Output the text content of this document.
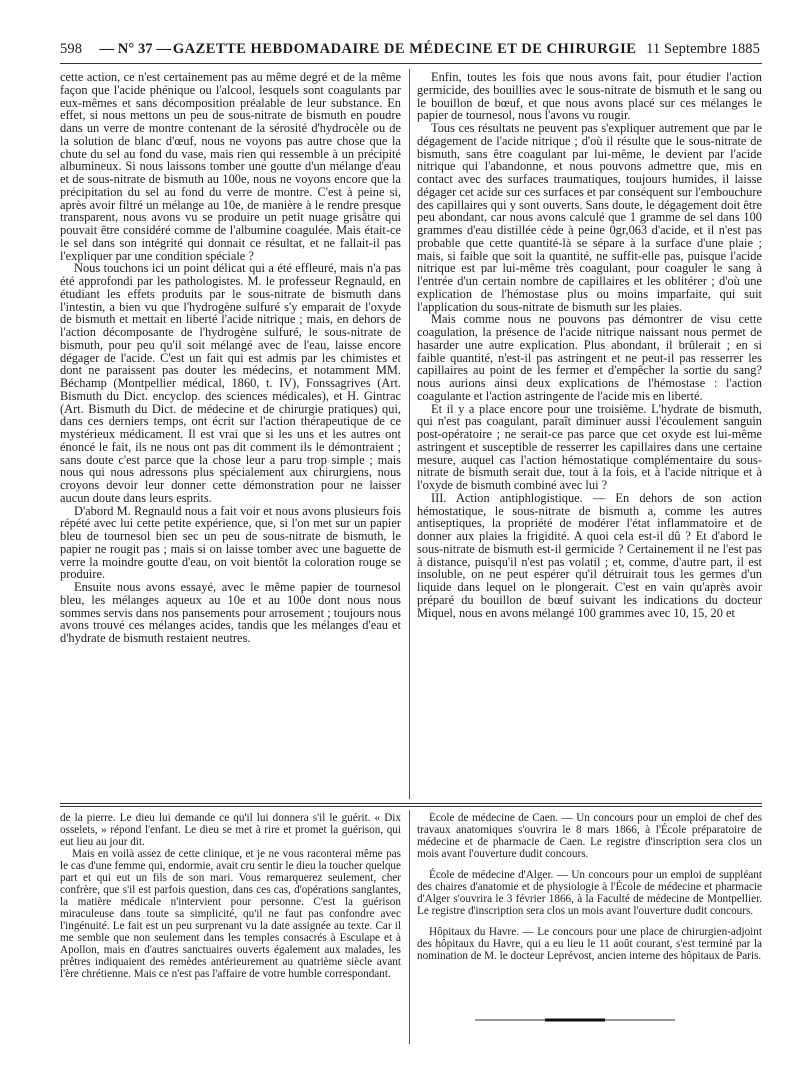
598	— N° 37 — GAZETTE HEBDOMADAIRE DE MÉDECINE ET DE CHIRURGIE 11 Septembre 1885

cette action, ce n'est certainement pas au même degré et de la même façon que l'acide phénique ou l'alcool, lesquels sont coagulants par eux-mêmes et sans décomposition préalable de leur substance. En effet, si nous mettons un peu de sous-nitrate de bismuth en poudre dans un verre de montre contenant de la sérosité d'hydrocèle ou de la solution de blanc d'œuf, nous ne voyons pas autre chose que la chute du sel au fond du vase, mais rien qui ressemble à un précipité albumineux. Si nous laissons tomber une goutte d'un mélange d'eau et de sous-nitrate de bismuth au 100e, nous ne voyons encore que la précipitation du sel au fond du verre de montre. C'est à peine si, après avoir filtré un mélange au 10e, de manière à le rendre presque transparent, nous avons vu se produire un petit nuage grisâtre qui pouvait être considéré comme de l'albumine coagulée. Mais était-ce le sel dans son intégrité qui donnait ce résultat, et ne fallait-il pas l'expliquer par une condition spéciale ?

Nous touchons ici un point délicat qui a été effleuré, mais n'a pas été approfondi par les pathologistes. M. le professeur Regnauld, en étudiant les effets produits par le sous-nitrate de bismuth dans l'intestin, a bien vu que l'hydrogène sulfuré s'y emparait de l'oxyde de bismuth et mettait en liberté l'acide nitrique ; mais, en dehors de l'action décomposante de l'hydrogène sulfuré, le sous-nitrate de bismuth, pour peu qu'il soit mélangé avec de l'eau, laisse encore dégager de l'acide. C'est un fait qui est admis par les chimistes et dont ne paraissent pas douter les médecins, et notamment MM. Béchamp (Montpellier médical, 1860, t. IV), Fonssagrives (Art. Bismuth du Dict. encyclop. des sciences médicales), et H. Gintrac (Art. Bismuth du Dict. de médecine et de chirurgie pratiques) qui, dans ces derniers temps, ont écrit sur l'action thérapeutique de ce mystérieux médicament. Il est vrai que si les uns et les autres ont énoncé le fait, ils ne nous ont pas dit comment ils le démontraient ; sans doute c'est parce que la chose leur a paru trop simple ; mais nous qui nous adressons plus spécialement aux chirurgiens, nous croyons devoir leur donner cette démonstration pour ne laisser aucun doute dans leurs esprits.

D'abord M. Regnauld nous a fait voir et nous avons plusieurs fois répété avec lui cette petite expérience, que, si l'on met sur un papier bleu de tournesol bien sec un peu de sous-nitrate de bismuth, le papier ne rougit pas ; mais si on laisse tomber avec une baguette de verre la moindre goutte d'eau, on voit bientôt la coloration rouge se produire.

Ensuite nous avons essayé, avec le même papier de tournesol bleu, les mélanges aqueux au 10e et au 100e dont nous nous sommes servis dans nos pansements pour arrosement ; toujours nous avons trouvé ces mélanges acides, tandis que les mélanges d'eau et d'hydrate de bismuth restaient neutres.

Enfin, toutes les fois que nous avons fait, pour étudier l'action germicide, des bouillies avec le sous-nitrate de bismuth et le sang ou le bouillon de bœuf, et que nous avons placé sur ces mélanges le papier de tournesol, nous l'avons vu rougir.

Tous ces résultats ne peuvent pas s'expliquer autrement que par le dégagement de l'acide nitrique ; d'où il résulte que le sous-nitrate de bismuth, sans être coagulant par lui-même, le devient par l'acide nitrique qui l'abandonne, et nous pouvons admettre que, mis en contact avec des surfaces traumatiques, toujours humides, il laisse dégager cet acide sur ces surfaces et par conséquent sur l'embouchure des capillaires qui y sont ouverts. Sans doute, le dégagement doit être peu abondant, car nous avons calculé que 1 gramme de sel dans 100 grammes d'eau distillée cède à peine 0gr,063 d'acide, et il n'est pas probable que cette quantité-là se sépare à la surface d'une plaie ; mais, si faible que soit la quantité, ne suffit-elle pas, puisque l'acide nitrique est par lui-même très coagulant, pour coaguler le sang à l'entrée d'un certain nombre de capillaires et les oblitérer ; d'où une explication de l'hémostase plus ou moins imparfaite, qui suit l'application du sous-nitrate de bismuth sur les plaies.

Mais comme nous ne pouvons pas démontrer de visu cette coagulation, la présence de l'acide nitrique naissant nous permet de hasarder une autre explication. Plus abondant, il brûlerait ; en si faible quantité, n'est-il pas astringent et ne peut-il pas resserrer les capillaires au point de les fermer et d'empêcher la sortie du sang? nous aurions ainsi deux explications de l'hémostase : l'action coagulante et l'action astringente de l'acide mis en liberté.

Et il y a place encore pour une troisième. L'hydrate de bismuth, qui n'est pas coagulant, paraît diminuer aussi l'écoulement sanguin post-opératoire ; ne serait-ce pas parce que cet oxyde est lui-même astringent et susceptible de resserrer les capillaires dans une certaine mesure, auquel cas l'action hémostatique complémentaire du sous-nitrate de bismuth serait due, tout à la fois, et à l'acide nitrique et à l'oxyde de bismuth combiné avec lui ?

III. Action antiphlogistique. — En dehors de son action hémostatique, le sous-nitrate de bismuth a, comme les autres antiseptiques, la propriété de modérer l'état inflammatoire et de donner aux plaies la frigidité. A quoi cela est-il dû ? Et d'abord le sous-nitrate de bismuth est-il germicide ? Certainement il ne l'est pas à distance, puisqu'il n'est pas volatil ; et, comme, d'autre part, il est insoluble, on ne peut espérer qu'il détruirait tous les germes d'un liquide dans lequel on le plongerait. C'est en vain qu'après avoir préparé du bouillon de bœuf suivant les indications du docteur Miquel, nous en avons mélangé 100 grammes avec 10, 15, 20 et

de la pierre. Le dieu lui demande ce qu'il lui donnera s'il le guérit. « Dix osselets, » répond l'enfant. Le dieu se met à rire et promet la guérison, qui eut lieu au jour dit.

Mais en voilà assez de cette clinique, et je ne vous raconterai même pas le cas d'une femme qui, endormie, avait cru sentir le dieu la toucher quelque part et qui eut un fils de son mari. Vous remarquerez seulement, cher confrère, que s'il est parfois question, dans ces cas, d'opérations sanglantes, la matière médicale n'intervient pour personne. C'est la guérison miraculeuse dans toute sa simplicité, qu'il ne faut pas confondre avec l'ingénuité. Le fait est un peu surprenant vu la date assignée au texte. Car il me semble que non seulement dans les temples consacrés à Esculape et à Apollon, mais en d'autres sanctuaires ouverts également aux malades, les prêtres indiquaient des remèdes antérieurement au quatrième siècle avant l'ère chrétienne. Mais ce n'est pas l'affaire de votre humble correspondant.

École de médecine de Caen. — Un concours pour un emploi de chef des travaux anatomiques s'ouvrira le 8 mars 1866, à l'École préparatoire de médecine et de pharmacie de Caen. Le registre d'inscription sera clos un mois avant l'ouverture dudit concours.

École de médecine d'Alger. — Un concours pour un emploi de suppléant des chaires d'anatomie et de physiologie à l'École de médecine et pharmacie d'Alger s'ouvrira le 3 février 1866, à la Faculté de médecine de Montpellier. Le registre d'inscription sera clos un mois avant l'ouverture dudit concours.

Hôpitaux du Havre. — Le concours pour une place de chirurgien-adjoint des hôpitaux du Havre, qui a eu lieu le 11 août courant, s'est terminé par la nomination de M. le docteur Leprévost, ancien interne des hôpitaux de Paris.
